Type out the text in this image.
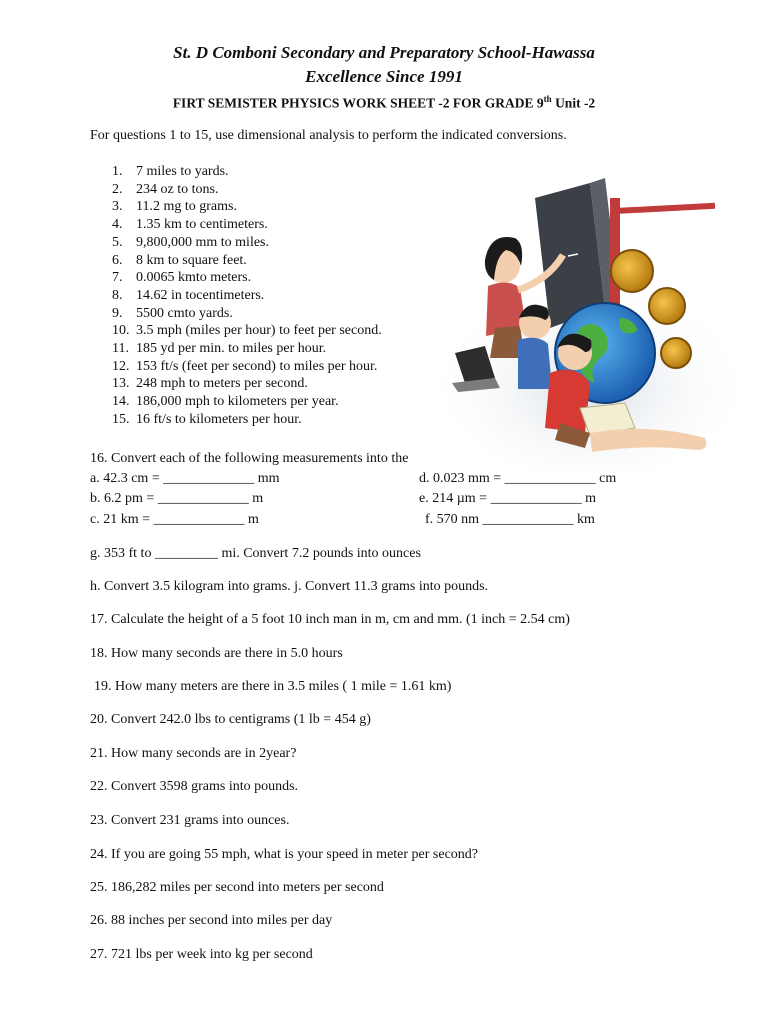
St. D Comboni Secondary and Preparatory School-Hawassa
Excellence Since 1991
FIRT SEMISTER PHYSICS WORK SHEET -2 FOR GRADE 9th Unit -2
For questions 1 to 15, use dimensional analysis to perform the indicated conversions.
1. 7 miles to yards.
2. 234 oz to tons.
3. 11.2 mg to grams.
4. 1.35 km to centimeters.
5. 9,800,000 mm to miles.
6. 8 km to square feet.
7. 0.0065 kmto meters.
8. 14.62 in tocentimeters.
9. 5500 cmto yards.
10. 3.5 mph (miles per hour) to feet per second.
11. 185 yd per min. to miles per hour.
12. 153 ft/s (feet per second) to miles per hour.
13. 248 mph to meters per second.
14. 186,000 mph to kilometers per year.
15. 16 ft/s to kilometers per hour.
16. Convert each of the following measurements into the
a. 42.3 cm = _____________ mm
b. 6.2 pm = _____________ m
c. 21 km = _____________ m
d. 0.023 mm = _____________ cm
e. 214 µm = _____________ m
f. 570 nm _____________ km
g. 353 ft to _________ mi. Convert 7.2 pounds into ounces
h. Convert 3.5 kilogram into grams. j. Convert 11.3 grams into pounds.
17. Calculate the height of a 5 foot 10 inch man in m, cm and mm. (1 inch = 2.54 cm)
18. How many seconds are there in 5.0 hours
19. How many meters are there in 3.5 miles ( 1 mile = 1.61 km)
20. Convert 242.0 lbs to centigrams (1 lb = 454 g)
21. How many seconds are in 2year?
22. Convert 3598 grams into pounds.
23. Convert 231 grams into ounces.
24. If you are going 55 mph, what is your speed in meter per second?
25. 186,282 miles per second into meters per second
26. 88 inches per second into miles per day
27. 721 lbs per week into kg per second
